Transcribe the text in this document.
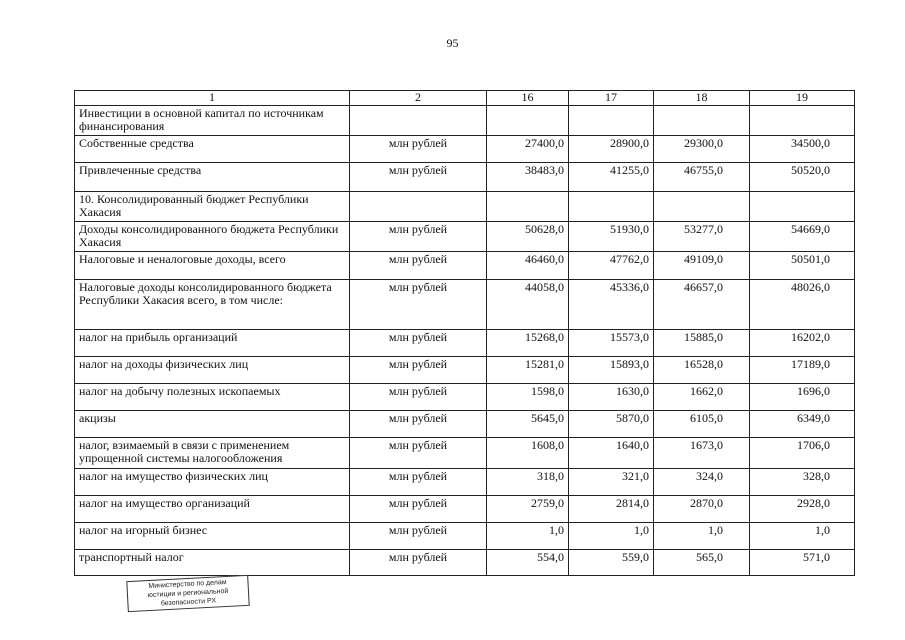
95
1	2	16	17	18	19
Инвестиции в основной капитал по источникам финансирования					
Собственные средства	млн рублей	27400,0	28900,0	29300,0	34500,0
Привлеченные средства	млн рублей	38483,0	41255,0	46755,0	50520,0
10. Консолидированный бюджет Республики Хакасия					
Доходы консолидированного бюджета Республики Хакасия	млн рублей	50628,0	51930,0	53277,0	54669,0
Налоговые и неналоговые доходы, всего	млн рублей	46460,0	47762,0	49109,0	50501,0
Налоговые доходы консолидированного бюджета Республики Хакасия всего, в том числе:	млн рублей	44058,0	45336,0	46657,0	48026,0
налог на прибыль организаций	млн рублей	15268,0	15573,0	15885,0	16202,0
налог на доходы физических лиц	млн рублей	15281,0	15893,0	16528,0	17189,0
налог на добычу полезных ископаемых	млн рублей	1598,0	1630,0	1662,0	1696,0
акцизы	млн рублей	5645,0	5870,0	6105,0	6349,0
налог, взимаемый в связи с применением упрощенной системы налогообложения	млн рублей	1608,0	1640,0	1673,0	1706,0
налог на имущество физических лиц	млн рублей	318,0	321,0	324,0	328,0
налог на имущество организаций	млн рублей	2759,0	2814,0	2870,0	2928,0
налог на игорный бизнес	млн рублей	1,0	1,0	1,0	1,0
транспортный налог	млн рублей	554,0	559,0	565,0	571,0
Министерство по делам
юстиции и региональной
безопасности РХ
